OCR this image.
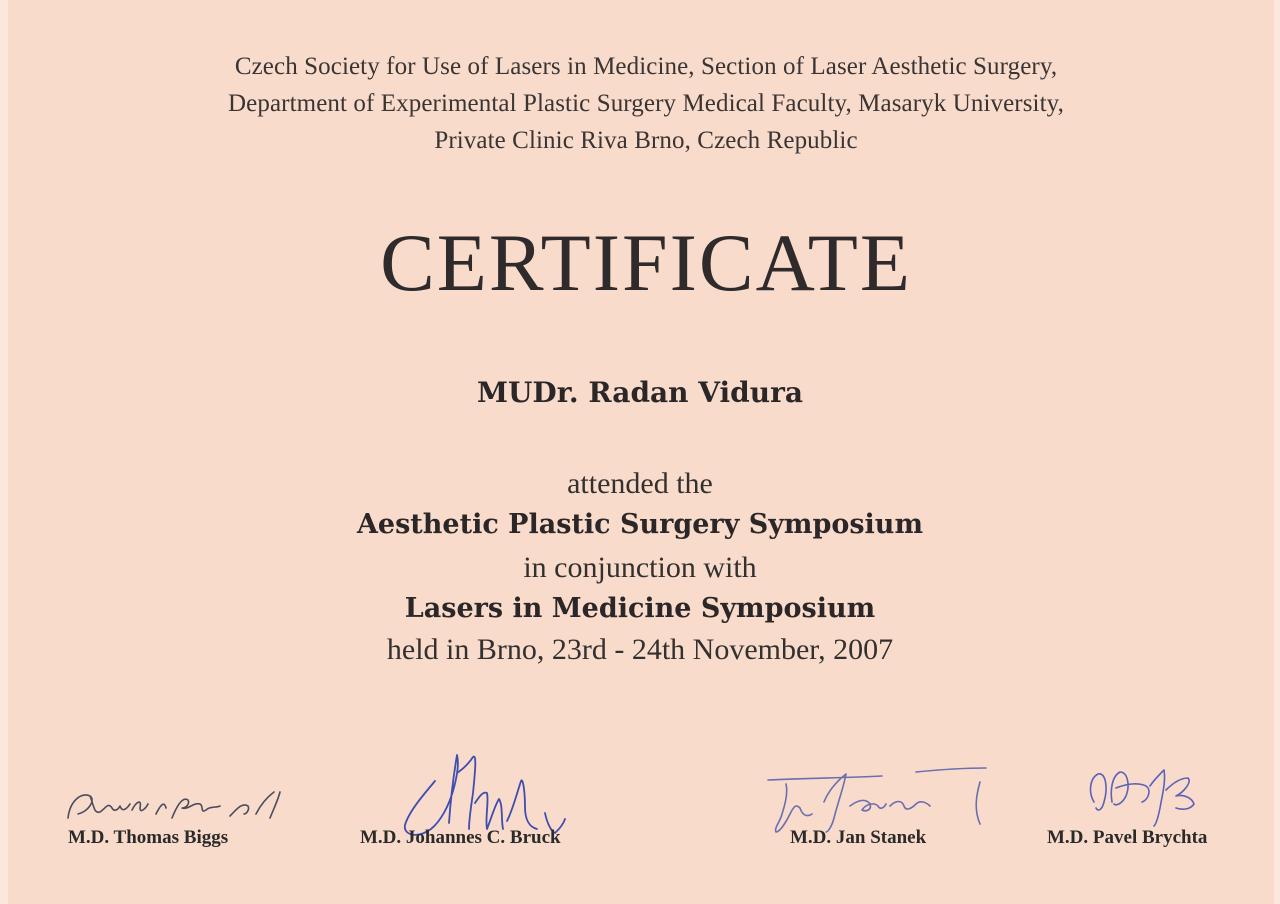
Czech Society for Use of Lasers in Medicine, Section of Laser Aesthetic Surgery,
Department of Experimental Plastic Surgery Medical Faculty, Masaryk University,
Private Clinic Riva Brno, Czech Republic
CERTIFICATE
MUDr. Radan Vidura
attended the
Aesthetic Plastic Surgery Symposium
in conjunction with
Lasers in Medicine Symposium
held in Brno, 23rd - 24th November, 2007
M.D. Thomas Biggs	M.D. Johannes C. Bruck	M.D. Jan Stanek	M.D. Pavel Brychta
